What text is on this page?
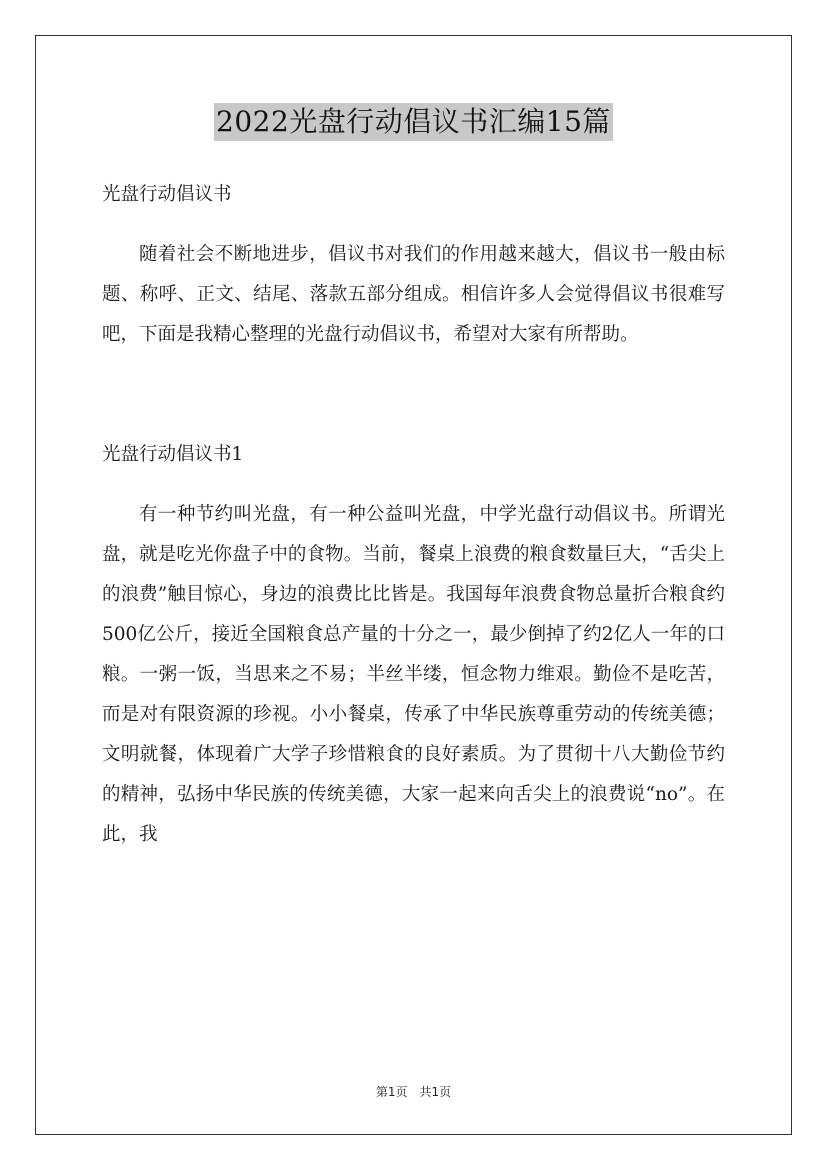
2022光盘行动倡议书汇编15篇

光盘行动倡议书

随着社会不断地进步，倡议书对我们的作用越来越大，倡议书一般由标题、称呼、正文、结尾、落款五部分组成。相信许多人会觉得倡议书很难写吧，下面是我精心整理的光盘行动倡议书，希望对大家有所帮助。

光盘行动倡议书1

有一种节约叫光盘，有一种公益叫光盘，中学光盘行动倡议书。所谓光盘，就是吃光你盘子中的食物。当前，餐桌上浪费的粮食数量巨大，“舌尖上的浪费”触目惊心，身边的浪费比比皆是。我国每年浪费食物总量折合粮食约500亿公斤，接近全国粮食总产量的十分之一，最少倒掉了约2亿人一年的口粮。一粥一饭，当思来之不易；半丝半缕，恒念物力维艰。勤俭不是吃苦，而是对有限资源的珍视。小小餐桌，传承了中华民族尊重劳动的传统美德；文明就餐，体现着广大学子珍惜粮食的良好素质。为了贯彻十八大勤俭节约的精神，弘扬中华民族的传统美德，大家一起来向舌尖上的浪费说“no”。在此，我

第1页 共1页
